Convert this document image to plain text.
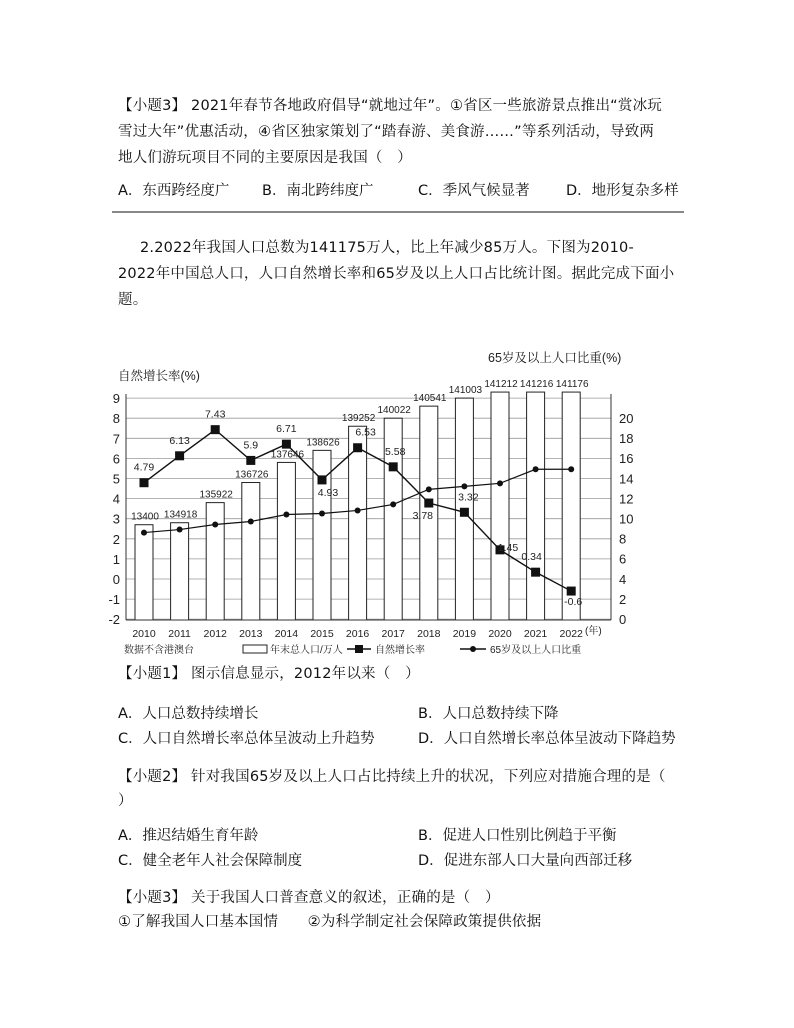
【小题3】 2021年春节各地政府倡导“就地过年”。①省区一些旅游景点推出“赏冰玩
雪过大年”优惠活动，④省区独家策划了“踏春游、美食游……”等系列活动，导致两
地人们游玩项目不同的主要原因是我国（　）
A．东西跨经度广 B．南北跨纬度广	C．季风气候显著	D．地形复杂多样
2.2022年我国人口总数为141175万人，比上年减少85万人。下图为2010-
2022年中国总人口，人口自然增长率和65岁及以上人口占比统计图。据此完成下面小
题。
9
8
7
6
5
4
3
2
1
0
-1
-2
20
18
16
14
12
10
8
6
4
2
0
13400 134918
135922
136726
137646
138626
139252
140022
140541
141003
141212 141216 141176
2010 2011 2012 2013 2014 2015 2016 2017 2018 2019 2020 2021 2022
4.79
6.13
7.43
5.9
6.71
4.93
6.53
5.58
3.78
3.32
1.45
0.34
-0.6
自然增长率(%)
65岁及以上人口比重(%)
(年)
数据不含港澳台	年末总人口/万人	自然增长率	65岁及以上人口比重
【小题1】 图示信息显示，2012年以来（　）
A．人口总数持续增长	B．人口总数持续下降
C．人口自然增长率总体呈波动上升趋势	D．人口自然增长率总体呈波动下降趋势
【小题2】 针对我国65岁及以上人口占比持续上升的状况，下列应对措施合理的是（
）
A．推迟结婚生育年龄	B．促进人口性别比例趋于平衡
C．健全老年人社会保障制度	D．促进东部人口大量向西部迁移
【小题3】 关于我国人口普查意义的叙述，正确的是（　）
①了解我国人口基本国情　　②为科学制定社会保障政策提供依据
